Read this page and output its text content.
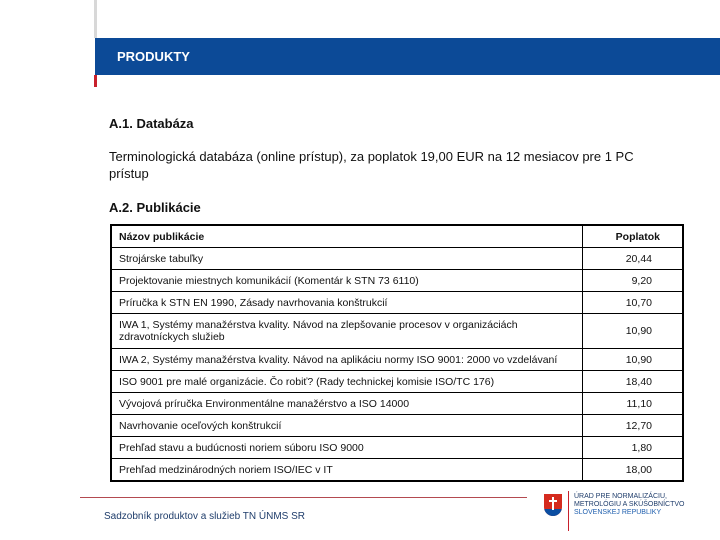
PRODUKTY
A.1. Databáza
Terminologická databáza (online prístup), za poplatok 19,00 EUR na 12 mesiacov pre 1 PC prístup
A.2. Publikácie
Názov publikácie	Poplatok
Strojárske tabuľky	20,44
Projektovanie miestnych komunikácií (Komentár k STN 73 6110)	9,20
Príručka k STN EN 1990, Zásady navrhovania konštrukcií	10,70
IWA 1, Systémy manažérstva kvality. Návod na zlepšovanie procesov v organizáciách zdravotníckych služieb	10,90
IWA 2, Systémy manažérstva kvality. Návod na aplikáciu normy ISO 9001: 2000 vo vzdelávaní	10,90
ISO 9001 pre malé organizácie. Čo robiť? (Rady technickej komisie ISO/TC 176)	18,40
Vývojová príručka Environmentálne manažérstvo a ISO 14000	11,10
Navrhovanie oceľových konštrukcií	12,70
Prehľad stavu a budúcnosti noriem súboru ISO 9000	1,80
Prehľad medzinárodných noriem ISO/IEC v IT	18,00
Sadzobník produktov a služieb TN ÚNMS SR
ÚRAD PRE NORMALIZÁCIU,
METROLÓGIU A SKÚŠOBNÍCTVO
SLOVENSKEJ REPUBLIKY
